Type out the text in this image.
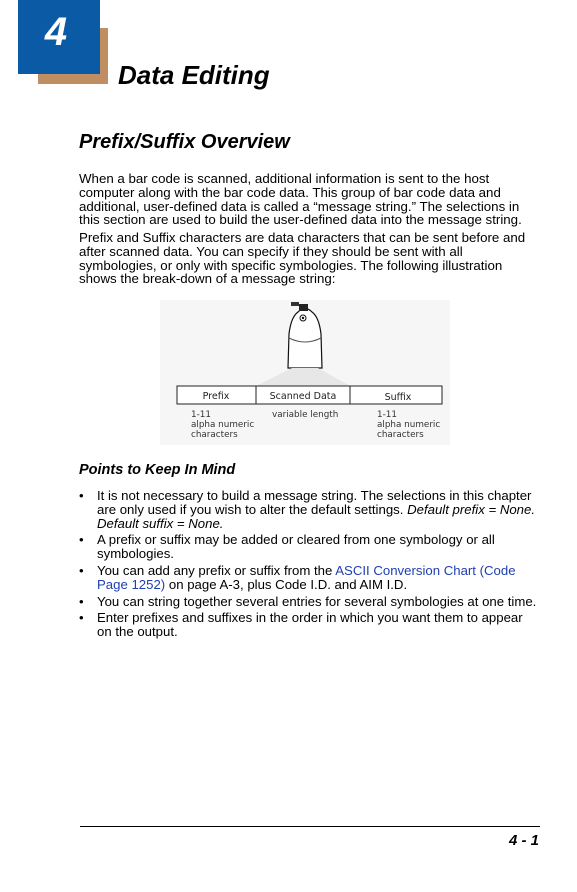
4
Data Editing
Prefix/Suffix Overview

When a bar code is scanned, additional information is sent to the host computer along with the bar code data. This group of bar code data and additional, user-defined data is called a “message string.” The selections in this section are used to build the user-defined data into the message string.

Prefix and Suffix characters are data characters that can be sent before and after scanned data. You can specify if they should be sent with all symbologies, or only with specific symbologies. The following illustration shows the break-down of a message string:

Prefix	Scanned Data	Suffix
1-11
alpha numeric
characters
variable length	1-11
alpha numeric
characters
Points to Keep In Mind
• It is not necessary to build a message string. The selections in this chapter are only used if you wish to alter the default settings. Default prefix = None. Default suffix = None.
• A prefix or suffix may be added or cleared from one symbology or all symbologies.
• You can add any prefix or suffix from the ASCII Conversion Chart (Code Page 1252) on page A-3, plus Code I.D. and AIM I.D.
• You can string together several entries for several symbologies at one time.
• Enter prefixes and suffixes in the order in which you want them to appear on the output.

4 - 1
